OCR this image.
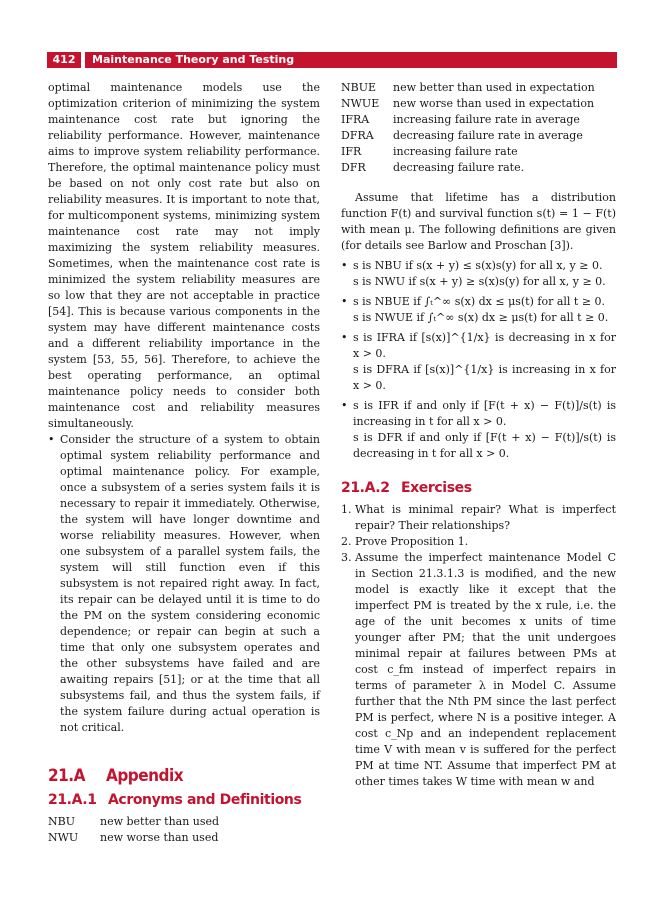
412	Maintenance Theory and Testing

optimal maintenance models use the optimization criterion of minimizing the system maintenance cost rate but ignoring the reliability performance. However, maintenance aims to improve system reliability performance. Therefore, the optimal maintenance policy must be based on not only cost rate but also on reliability measures. It is important to note that, for multicomponent systems, minimizing system maintenance cost rate may not imply maximizing the system reliability measures. Sometimes, when the maintenance cost rate is minimized the system reliability measures are so low that they are not acceptable in practice [54]. This is because various components in the system may have different maintenance costs and a different reliability importance in the system [53, 55, 56]. Therefore, to achieve the best operating performance, an optimal maintenance policy needs to consider both maintenance cost and reliability measures simultaneously.

• Consider the structure of a system to obtain optimal system reliability performance and optimal maintenance policy. For example, once a subsystem of a series system fails it is necessary to repair it immediately. Otherwise, the system will have longer downtime and worse reliability measures. However, when one subsystem of a parallel system fails, the system will still function even if this subsystem is not repaired right away. In fact, its repair can be delayed until it is time to do the PM on the system considering economic dependence; or repair can begin at such a time that only one subsystem operates and the other subsystems have failed and are awaiting repairs [51]; or at the time that all subsystems fail, and thus the system fails, if the system failure during actual operation is not critical.
21.A Appendix
21.A.1 Acronyms and Definitions
NBU	new better than used
NWU	new worse than used
NBUE	new better than used in expectation
NWUE	new worse than used in expectation
IFRA	increasing failure rate in average
DFRA	decreasing failure rate in average
IFR	increasing failure rate
DFR	decreasing failure rate.

Assume that lifetime has a distribution function F(t) and survival function s(t) = 1 − F(t) with mean μ. The following definitions are given (for details see Barlow and Proschan [3]).

• s is NBU if s(x + y) ≤ s(x)s(y) for all x, y ≥ 0.
s is NWU if s(x + y) ≥ s(x)s(y) for all x, y ≥ 0.
• s is NBUE if ∫ₜ^∞ s(x) dx ≤ μs(t) for all t ≥ 0.
s is NWUE if ∫ₜ^∞ s(x) dx ≥ μs(t) for all t ≥ 0.
• s is IFRA if [s(x)]^{1/x} is decreasing in x for x > 0.
s is DFRA if [s(x)]^{1/x} is increasing in x for x > 0.
• s is IFR if and only if [F(t + x) − F(t)]/s(t) is increasing in t for all x > 0.
s is DFR if and only if [F(t + x) − F(t)]/s(t) is decreasing in t for all x > 0.
21.A.2 Exercises
1. What is minimal repair? What is imperfect repair? Their relationships?
2. Prove Proposition 1.
3. Assume the imperfect maintenance Model C in Section 21.3.1.3 is modified, and the new model is exactly like it except that the imperfect PM is treated by the x rule, i.e. the age of the unit becomes x units of time younger after PM; that the unit undergoes minimal repair at failures between PMs at cost c_fm instead of imperfect repairs in terms of parameter λ in Model C. Assume further that the Nth PM since the last perfect PM is perfect, where N is a positive integer. A cost c_Np and an independent replacement time V with mean v is suffered for the perfect PM at time NT. Assume that imperfect PM at other times takes W time with mean w and
